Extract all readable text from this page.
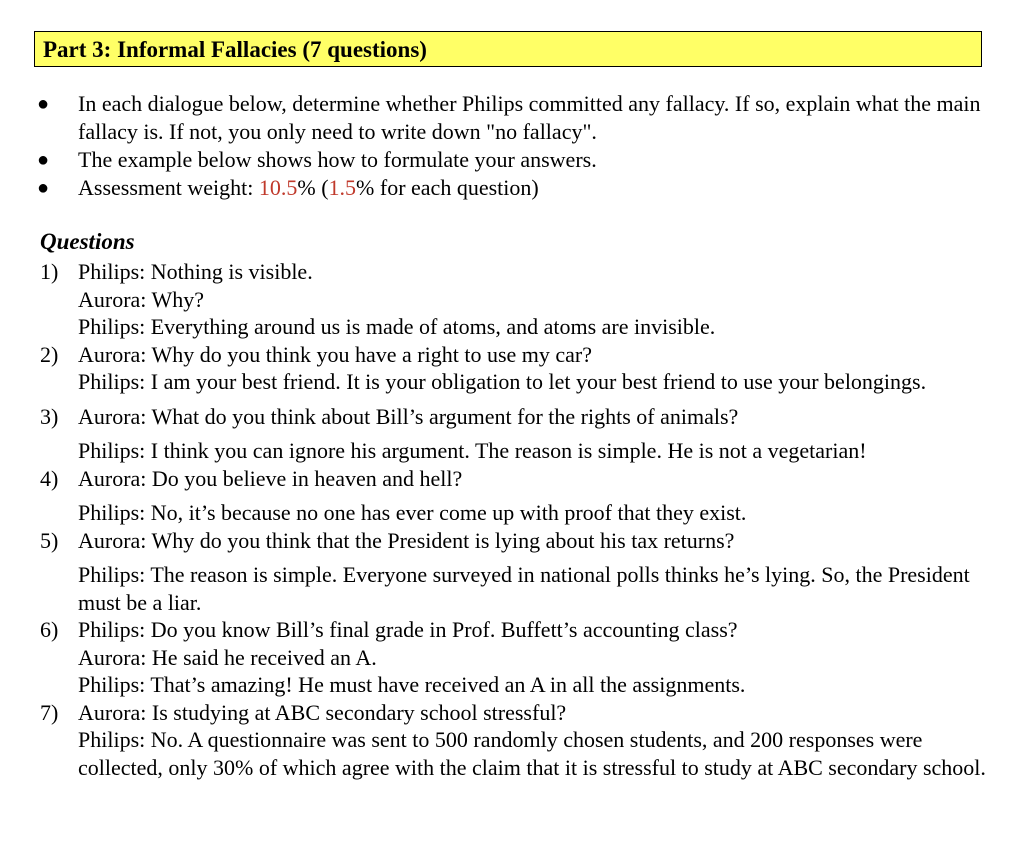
Part 3: Informal Fallacies (7 questions)
● In each dialogue below, determine whether Philips committed any fallacy. If so, explain what the main fallacy is. If not, you only need to write down "no fallacy".
● The example below shows how to formulate your answers.
● Assessment weight: 10.5% (1.5% for each question)
Questions
1) Philips: Nothing is visible.
Aurora: Why?
Philips: Everything around us is made of atoms, and atoms are invisible.
2) Aurora: Why do you think you have a right to use my car?
Philips: I am your best friend. It is your obligation to let your best friend to use your belongings.
3) Aurora: What do you think about Bill’s argument for the rights of animals?
Philips: I think you can ignore his argument. The reason is simple. He is not a vegetarian!
4) Aurora: Do you believe in heaven and hell?
Philips: No, it’s because no one has ever come up with proof that they exist.
5) Aurora: Why do you think that the President is lying about his tax returns?
Philips: The reason is simple. Everyone surveyed in national polls thinks he’s lying. So, the President must be a liar.
6) Philips: Do you know Bill’s final grade in Prof. Buffett’s accounting class?
Aurora: He said he received an A.
Philips: That’s amazing! He must have received an A in all the assignments.
7) Aurora: Is studying at ABC secondary school stressful?
Philips: No. A questionnaire was sent to 500 randomly chosen students, and 200 responses were collected, only 30% of which agree with the claim that it is stressful to study at ABC secondary school.
